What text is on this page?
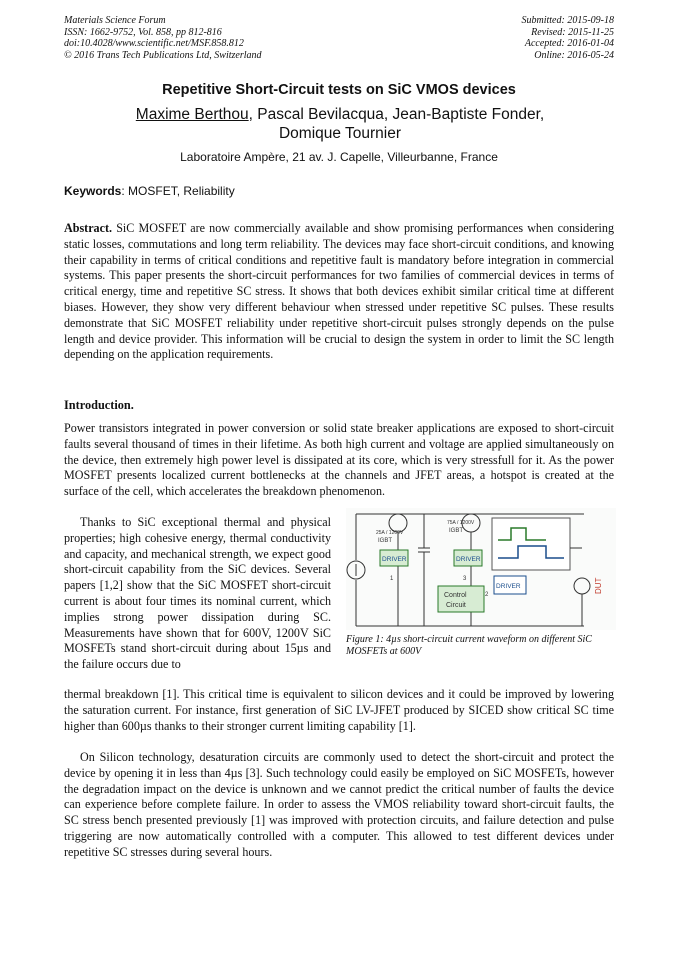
Materials Science Forum
ISSN: 1662-9752, Vol. 858, pp 812-816
doi:10.4028/www.scientific.net/MSF.858.812
© 2016 Trans Tech Publications Ltd, Switzerland
Submitted: 2015-09-18
Revised: 2015-11-25
Accepted: 2016-01-04
Online: 2016-05-24
Repetitive Short-Circuit tests on SiC VMOS devices
Maxime Berthou, Pascal Bevilacqua, Jean-Baptiste Fonder,
Domique Tournier
Laboratoire Ampère, 21 av. J. Capelle, Villeurbanne, France
Keywords: MOSFET, Reliability
Abstract. SiC MOSFET are now commercially available and show promising performances when considering static losses, commutations and long term reliability. The devices may face short-circuit conditions, and knowing their capability in terms of critical conditions and repetitive fault is mandatory before integration in commercial systems. This paper presents the short-circuit performances for two families of commercial devices in terms of critical energy, time and repetitive SC stress. It shows that both devices exhibit similar critical time at different biases. However, they show very different behaviour when stressed under repetitive SC pulses. These results demonstrate that SiC MOSFET reliability under repetitive short-circuit pulses strongly depends on the pulse length and device provider. This information will be crucial to design the system in order to limit the SC length depending on the application requirements.
Introduction.
Power transistors integrated in power conversion or solid state breaker applications are exposed to short-circuit faults several thousand of times in their lifetime. As both high current and voltage are applied simultaneously on the device, then extremely high power level is dissipated at its core, which is very stressfull for it. As the power MOSFET presents localized current bottlenecks at the channels and JFET areas, a hotspot is created at the surface of the cell, which accelerates the breakdown phenomenon.
Thanks to SiC exceptional thermal and physical properties; high cohesive energy, thermal conductivity and capacity, and mechanical strength, we expect good short-circuit capability from the SiC devices. Several papers [1,2] show that the SiC MOSFET short-circuit current is about four times its nominal current, which implies strong power dissipation during SC. Measurements have shown that for 600V, 1200V SiC MOSFETs stand short-circuit during about 15µs and the failure occurs due to
thermal breakdown [1]. This critical time is equivalent to silicon devices and it could be improved by lowering the saturation current. For instance, first generation of SiC LV-JFET produced by SICED show critical SC time higher than 600µs thanks to their stronger current limiting capability [1].
On Silicon technology, desaturation circuits are commonly used to detect the short-circuit and protect the device by opening it in less than 4µs [3]. Such technology could easily be employed on SiC MOSFETs, however the degradation impact on the device is unknown and we cannot predict the critical number of faults the device can experience before complete failure. In order to assess the VMOS reliability toward short-circuit faults, the SC stress bench presented previously [1] was improved with protection circuits, and failure detection and pulse triggering are now automatically controlled with a computer. This allowed to test different devices under repetitive SC stresses during several hours.
25A / 1200V
IGBT
DRIVER
1
75A / 1200V
IGBT
DRIVER
3
Control
Circuit
2
DRIVER	DUT
Figure 1: 4µs short-circuit current waveform on different SiC MOSFETs at 600V
